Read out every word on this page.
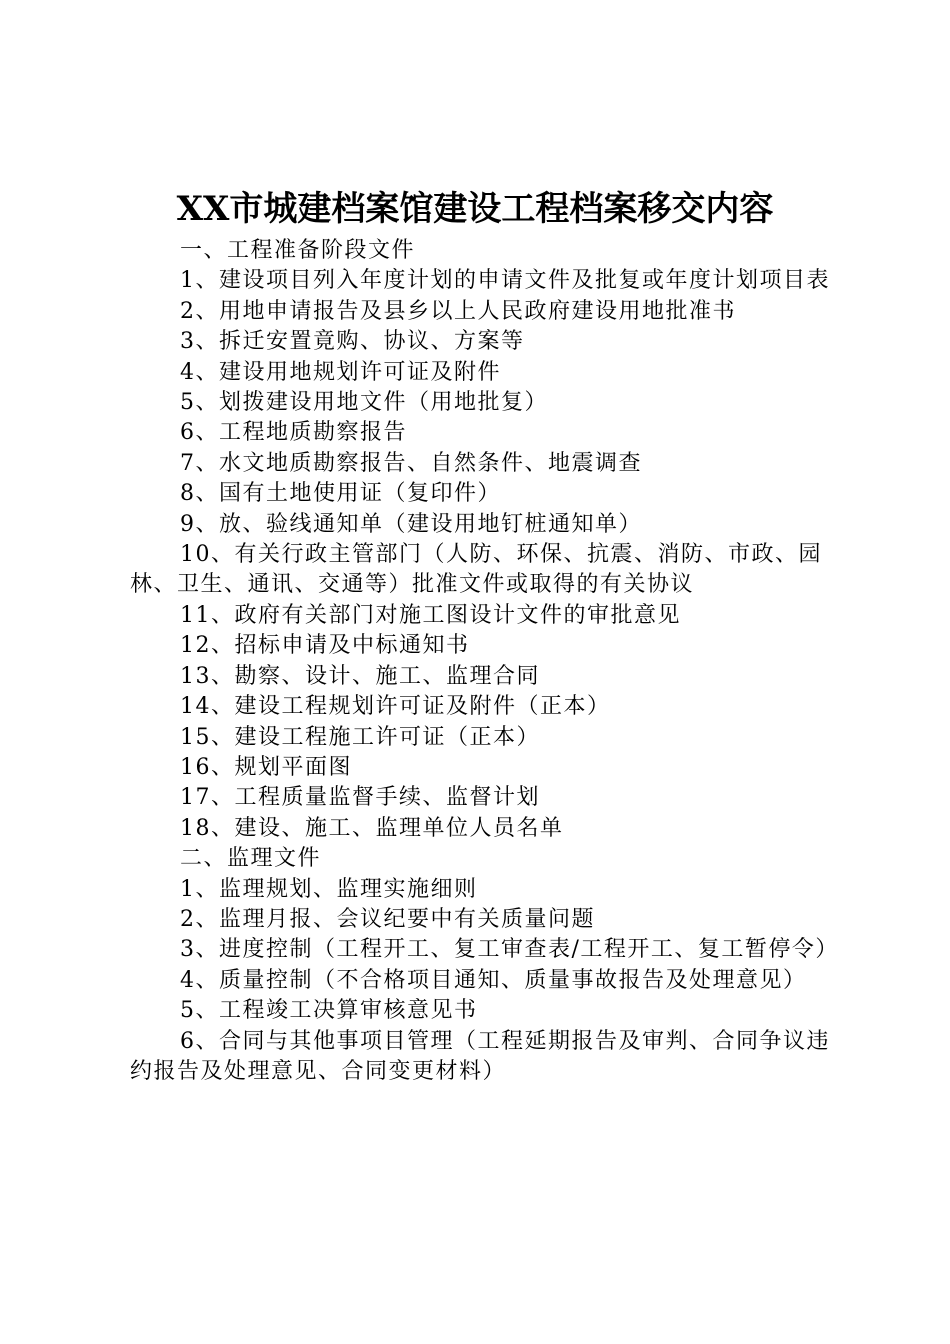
XX市城建档案馆建设工程档案移交内容

一、工程准备阶段文件

1、建设项目列入年度计划的申请文件及批复或年度计划项目表

2、用地申请报告及县乡以上人民政府建设用地批准书

3、拆迁安置竟购、协议、方案等

4、建设用地规划许可证及附件

5、划拨建设用地文件（用地批复）

6、工程地质勘察报告

7、水文地质勘察报告、自然条件、地震调查

8、国有土地使用证（复印件）

9、放、验线通知单（建设用地钉桩通知单）

10、有关行政主管部门（人防、环保、抗震、消防、市政、园林、卫生、通讯、交通等）批准文件或取得的有关协议

11、政府有关部门对施工图设计文件的审批意见

12、招标申请及中标通知书

13、勘察、设计、施工、监理合同

14、建设工程规划许可证及附件（正本）

15、建设工程施工许可证（正本）

16、规划平面图

17、工程质量监督手续、监督计划

18、建设、施工、监理单位人员名单

二、监理文件

1、监理规划、监理实施细则

2、监理月报、会议纪要中有关质量问题

3、进度控制（工程开工、复工审查表/工程开工、复工暂停令）

4、质量控制（不合格项目通知、质量事故报告及处理意见）

5、工程竣工决算审核意见书

6、合同与其他事项目管理（工程延期报告及审判、合同争议违约报告及处理意见、合同变更材料）
